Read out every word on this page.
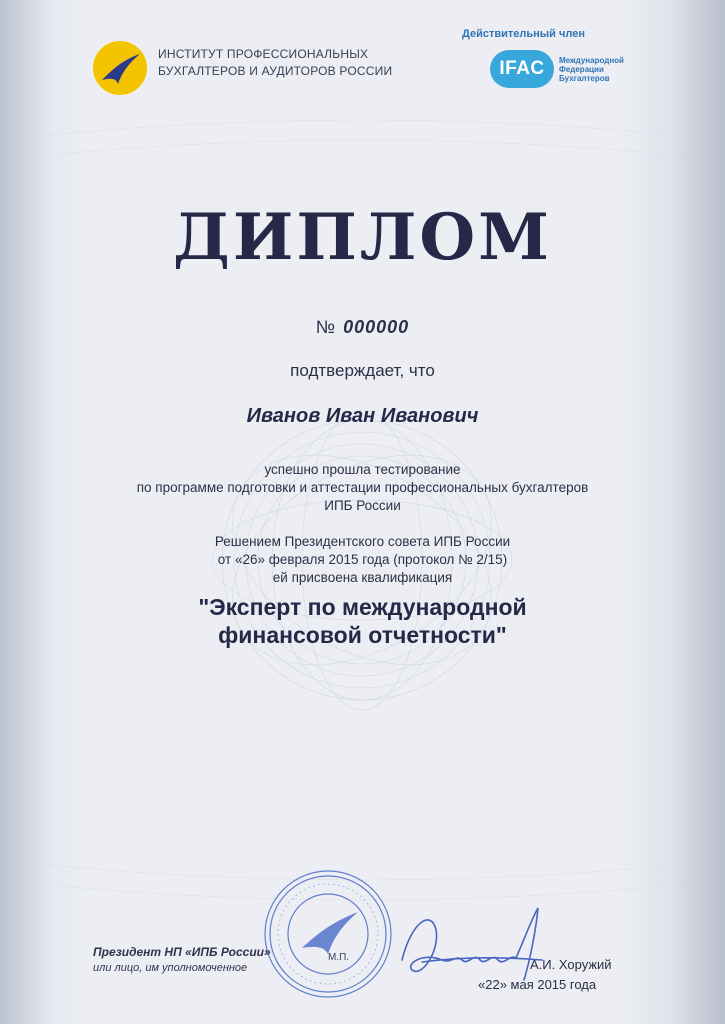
ИНСТИТУТ ПРОФЕССИОНАЛЬНЫХ
БУХГАЛТЕРОВ И АУДИТОРОВ РОССИИ
Действительный член
IFAC	Международной
Федерации
Бухгалтеров
ДИПЛОМ
№ 000000
подтверждает, что
Иванов Иван Иванович
успешно прошла тестирование
по программе подготовки и аттестации профессиональных бухгалтеров
ИПБ России
Решением Президентского совета ИПБ России
от «26» февраля 2015 года (протокол № 2/15)
ей присвоена квалификация
"Эксперт по международной
финансовой отчетности"
Президент НП «ИПБ России»
или лицо, им уполномоченное
М.П.	А.И. Хоружий
«22» мая 2015 года
